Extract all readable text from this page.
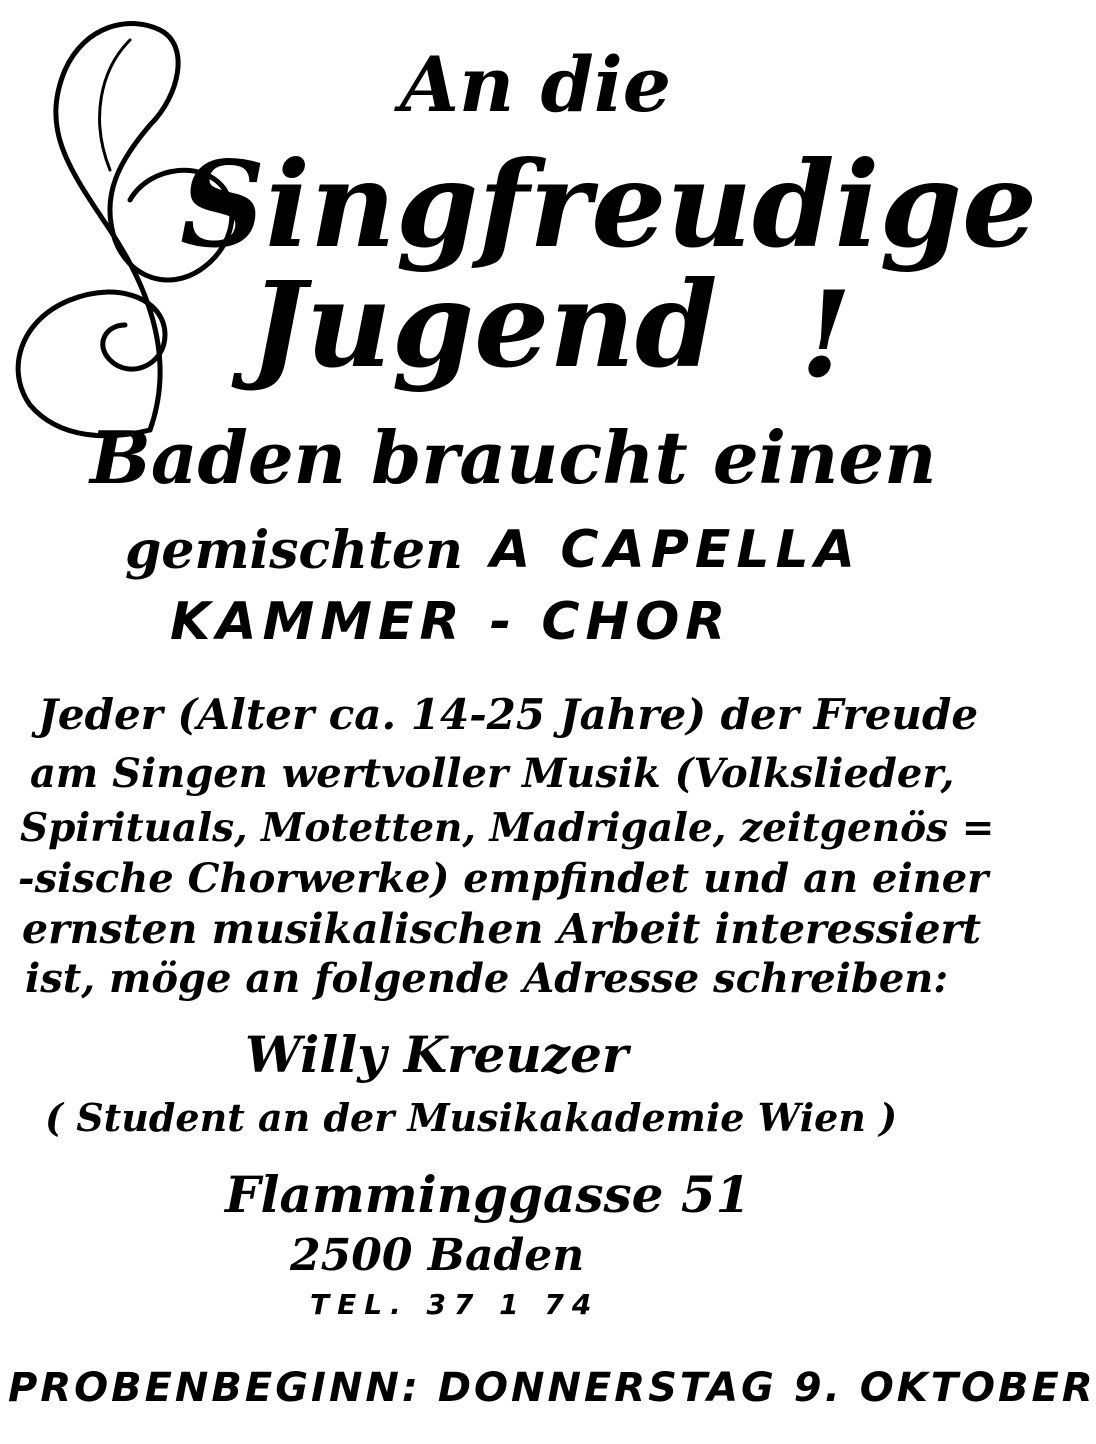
An die
Singfreudige
Jugend !
Baden braucht einen
gemischten A CAPELLA
KAMMER - CHOR
Jeder (Alter ca. 14-25 Jahre) der Freude
am Singen wertvoller Musik (Volkslieder,
Spirituals, Motetten, Madrigale, zeitgenös =
-sische Chorwerke) empfindet und an einer
ernsten musikalischen Arbeit interessiert
ist, möge an folgende Adresse schreiben:
Willy Kreuzer
( Student an der Musikakademie Wien )
Flamminggasse 51
2500 Baden
TEL. 37 1 74
PROBENBEGINN: DONNERSTAG 9. OKTOBER
